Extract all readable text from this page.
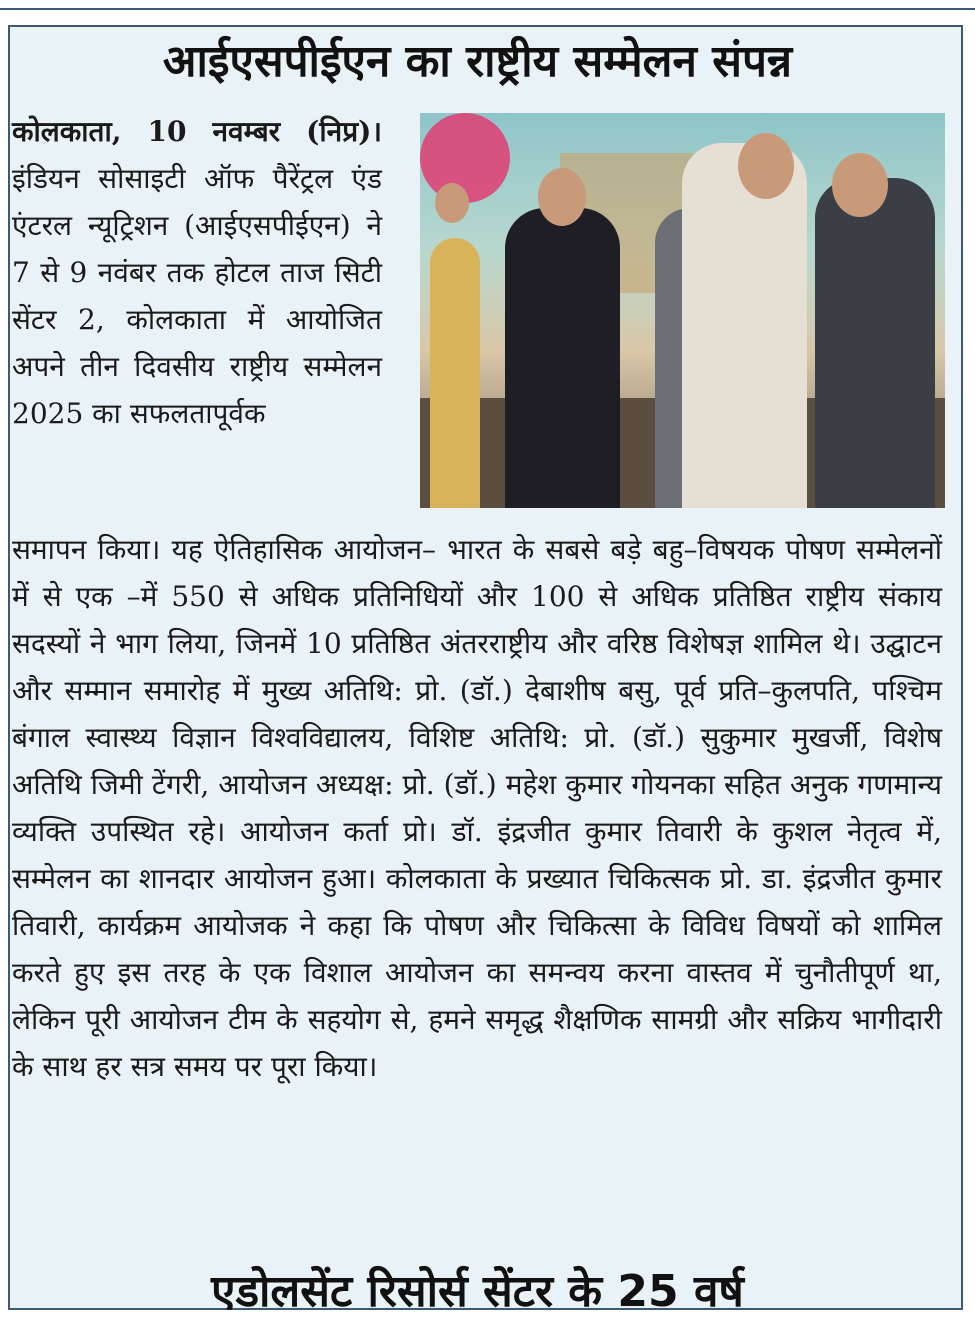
आईएसपीईएन का राष्ट्रीय सम्मेलन संपन्न

कोलकाता, 10 नवम्बर (निप्र)। इंडियन सोसाइटी ऑफ पैरेंट्रल एंड एंटरल न्यूट्रिशन (आईएसपीईएन) ने 7 से 9 नवंबर तक होटल ताज सिटी सेंटर 2, कोलकाता में आयोजित अपने तीन दिवसीय राष्ट्रीय सम्मेलन 2025 का सफलतापूर्वक

समापन किया। यह ऐतिहासिक आयोजन– भारत के सबसे बड़े बहु–विषयक पोषण सम्मेलनों में से एक –में 550 से अधिक प्रतिनिधियों और 100 से अधिक प्रतिष्ठित राष्ट्रीय संकाय सदस्यों ने भाग लिया, जिनमें 10 प्रतिष्ठित अंतरराष्ट्रीय और वरिष्ठ विशेषज्ञ शामिल थे। उद्घाटन और सम्मान समारोह में मुख्य अतिथि: प्रो. (डॉ.) देबाशीष बसु, पूर्व प्रति–कुलपति, पश्चिम बंगाल स्वास्थ्य विज्ञान विश्वविद्यालय, विशिष्ट अतिथि: प्रो. (डॉ.) सुकुमार मुखर्जी, विशेष अतिथि जिमी टेंगरी, आयोजन अध्यक्ष: प्रो. (डॉ.) महेश कुमार गोयनका सहित अनुक गणमान्य व्यक्ति उपस्थित रहे। आयोजन कर्ता प्रो। डॉ. इंद्रजीत कुमार तिवारी के कुशल नेतृत्व में, सम्मेलन का शानदार आयोजन हुआ। कोलकाता के प्रख्यात चिकित्सक प्रो. डा. इंद्रजीत कुमार तिवारी, कार्यक्रम आयोजक ने कहा कि पोषण और चिकित्सा के विविध विषयों को शामिल करते हुए इस तरह के एक विशाल आयोजन का समन्वय करना वास्तव में चुनौतीपूर्ण था, लेकिन पूरी आयोजन टीम के सहयोग से, हमने समृद्ध शैक्षणिक सामग्री और सक्रिय भागीदारी के साथ हर सत्र समय पर पूरा किया।

एडोलसेंट रिसोर्स सेंटर के 25 वर्ष
